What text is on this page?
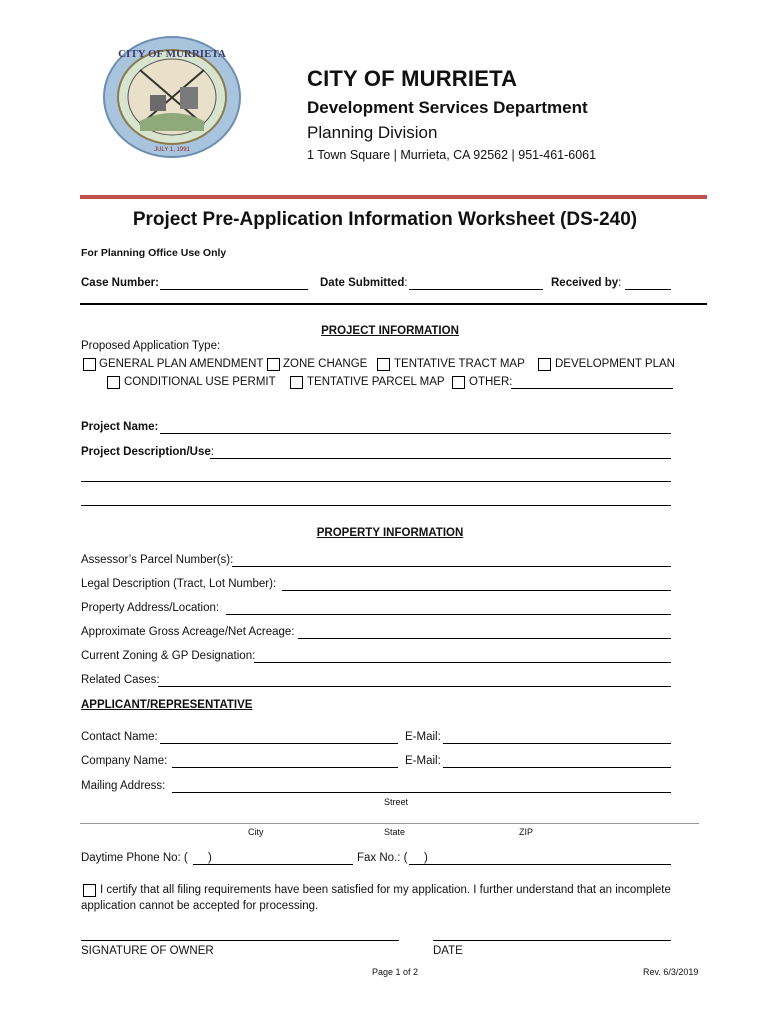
CITY OF MURRIETA
JULY 1, 1991
CITY OF MURRIETA
Development Services Department
Planning Division
1 Town Square | Murrieta, CA 92562 | 951-461-6061
Project Pre-Application Information Worksheet (DS-240)
For Planning Office Use Only
Case Number:	Date Submitted:	Received by:
PROJECT INFORMATION
Proposed Application Type:
GENERAL PLAN AMENDMENT ZONE CHANGE TENTATIVE TRACT MAP	DEVELOPMENT PLAN
CONDITIONAL USE PERMIT	TENTATIVE PARCEL MAP OTHER:
Project Name:
Project Description/Use:
PROPERTY INFORMATION
Assessor’s Parcel Number(s):
Legal Description (Tract, Lot Number):
Property Address/Location:
Approximate Gross Acreage/Net Acreage:
Current Zoning & GP Designation:
Related Cases:
APPLICANT/REPRESENTATIVE
Contact Name:	E-Mail:
Company Name:	E-Mail:
Mailing Address:
Street
City	State	ZIP
Daytime Phone No: ( )	Fax No.: ( )
I certify that all filing requirements have been satisfied for my application. I further understand that an incomplete
application cannot be accepted for processing.
SIGNATURE OF OWNER	DATE
Page 1 of 2	Rev. 6/3/2019
